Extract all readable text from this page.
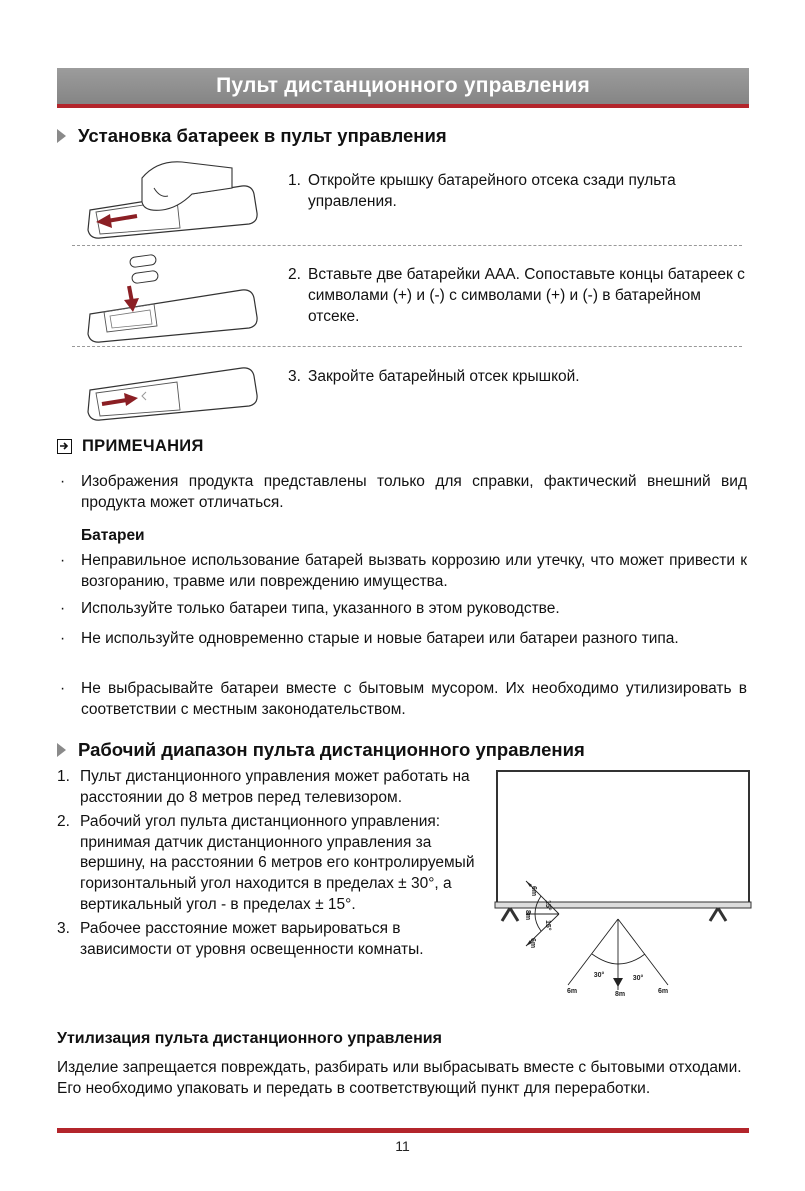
Пульт дистанционного управления
Установка батареек в пульт управления
1. Откройте крышку батарейного отсека сзади пульта управления.
2. Вставьте две батарейки AAA. Сопоставьте концы батареек с символами (+) и (-) с символами (+) и (-) в батарейном отсеке.
3. Закройте батарейный отсек крышкой.
ПРИМЕЧАНИЯ
·	Изображения продукта представлены только для справки, фактический внешний вид продукта может отличаться.
Батареи
·	Неправильное использование батарей вызвать коррозию или утечку, что может привести к возгоранию, травме или повреждению имущества.
·	Используйте только батареи типа, указанного в этом руководстве.
·	Не используйте одновременно старые и новые батареи или батареи разного типа.
·	Не выбрасывайте батареи вместе с бытовым мусором. Их необходимо утилизировать в соответствии с местным законодательством.
Рабочий диапазон пульта дистанционного управления
1. Пульт дистанционного управления может работать на расстоянии до 8 метров перед телевизором.
2. Рабочий угол пульта дистанционного управления: принимая датчик дистанционного управления за вершину, на расстоянии 6 метров его контролируемый горизонтальный угол находится в пределах ± 30°, а вертикальный угол - в пределах ± 15°.
3. Рабочее расстояние может варьироваться в зависимости от уровня освещенности комнаты.
6m	8m	6m
30°	30°
6m
8m
6m
15°
15°
Утилизация пульта дистанционного управления
Изделие запрещается повреждать, разбирать или выбрасывать вместе с бытовыми отходами.
Его необходимо упаковать и передать в соответствующий пункт для переработки.
11
